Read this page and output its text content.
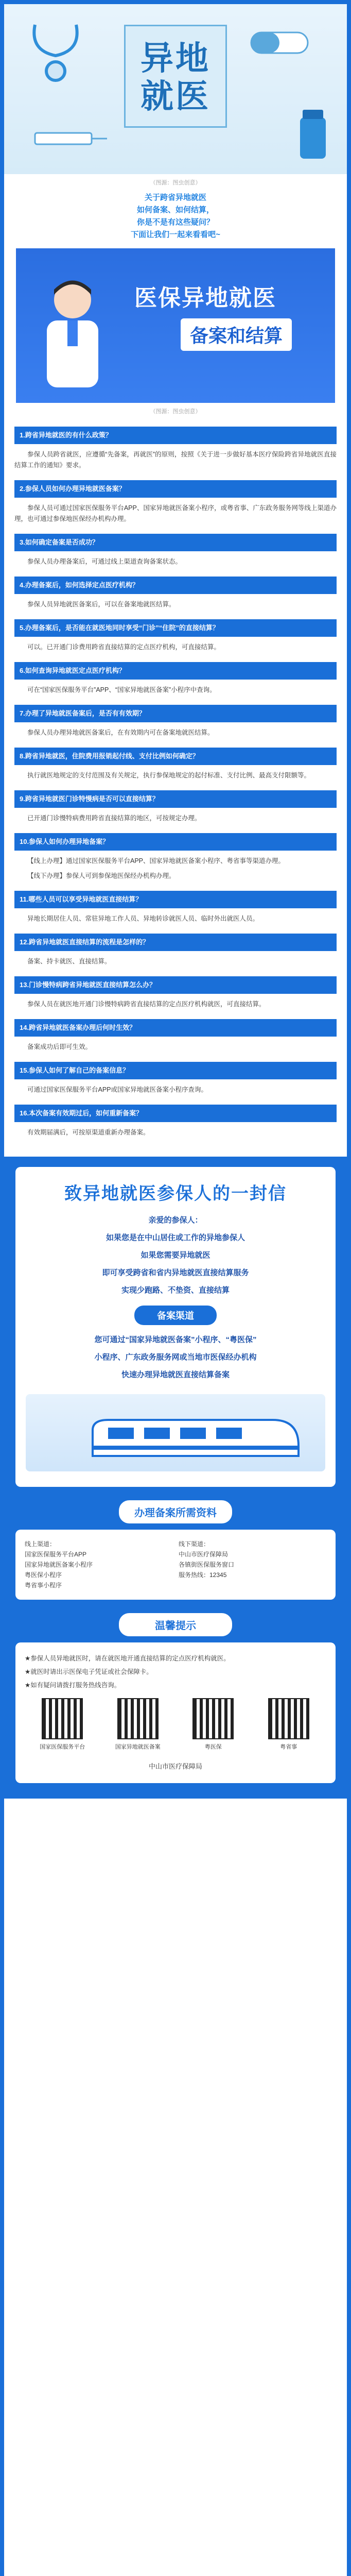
异地
就医
（图源：图虫创意）
关于跨省异地就医
如何备案、如何结算，
你是不是有这些疑问？
下面让我们一起来看看吧~
医保异地就医
备案和结算
（图源：图虫创意）
1.跨省异地就医的有什么政策？

参保人员跨省就医，应遵循“先备案，再就医”的原则，按照《关于进一步做好基本医疗保险跨省异地就医直接结算工作的通知》要求。

2.参保人员如何办理异地就医备案？

参保人员可通过国家医保服务平台APP、国家异地就医备案小程序，或粤省事、广东政务服务网等线上渠道办理，也可通过参保地医保经办机构办理。

3.如何确定备案是否成功？

参保人员办理备案后，可通过线上渠道查询备案状态。

4.办理备案后，如何选择定点医疗机构？

参保人员异地就医备案后，可以在备案地就医结算。

5.办理备案后，是否能在就医地同时享受“门诊”“住院”的直接结算？

可以。已开通门诊费用跨省直接结算的定点医疗机构，可直接结算。

6.如何查询异地就医定点医疗机构？

可在“国家医保服务平台”APP、“国家异地就医备案”小程序中查询。

7.办理了异地就医备案后，是否有有效期？

参保人员办理异地就医备案后，在有效期内可在备案地就医结算。

8.跨省异地就医，住院费用报销起付线、支付比例如何确定？

执行就医地规定的支付范围及有关规定，执行参保地规定的起付标准、支付比例、最高支付限额等。

9.跨省异地就医门诊特慢病是否可以直接结算？

已开通门诊慢特病费用跨省直接结算的地区，可按规定办理。

10.参保人如何办理异地备案？

【线上办理】通过国家医保服务平台APP、国家异地就医备案小程序、粤省事等渠道办理。

【线下办理】参保人可到参保地医保经办机构办理。

11.哪些人员可以享受异地就医直接结算？

异地长期居住人员、常驻异地工作人员、异地转诊就医人员、临时外出就医人员。

12.跨省异地就医直接结算的流程是怎样的？

备案、持卡就医、直接结算。

13.门诊慢特病跨省异地就医直接结算怎么办？

参保人员在就医地开通门诊慢特病跨省直接结算的定点医疗机构就医，可直接结算。

14.跨省异地就医备案办理后何时生效？

备案成功后即可生效。

15.参保人如何了解自己的备案信息？

可通过国家医保服务平台APP或国家异地就医备案小程序查询。

16.本次备案有效期过后，如何重新备案？

有效期届满后，可按原渠道重新办理备案。

致异地就医参保人的一封信
亲爱的参保人：
如果您是在中山居住或工作的异地参保人
如果您需要异地就医
即可享受跨省和省内异地就医直接结算服务
实现少跑路、不垫资、直接结算
备案渠道
您可通过“国家异地就医备案”小程序、“粤医保”
小程序、广东政务服务网或当地市医保经办机构
快速办理异地就医直接结算备案
办理备案所需资料
线上渠道：
国家医保服务平台APP
国家异地就医备案小程序
粤医保小程序
粤省事小程序
线下渠道：
中山市医疗保障局
各镇街医保服务窗口
服务热线：12345
温馨提示
★参保人员异地就医时，请在就医地开通直接结算的定点医疗机构就医。
★就医时请出示医保电子凭证或社会保障卡。
★如有疑问请拨打服务热线咨询。
国家医保服务平台	国家异地就医备案	粤医保	粤省事
中山市医疗保障局
